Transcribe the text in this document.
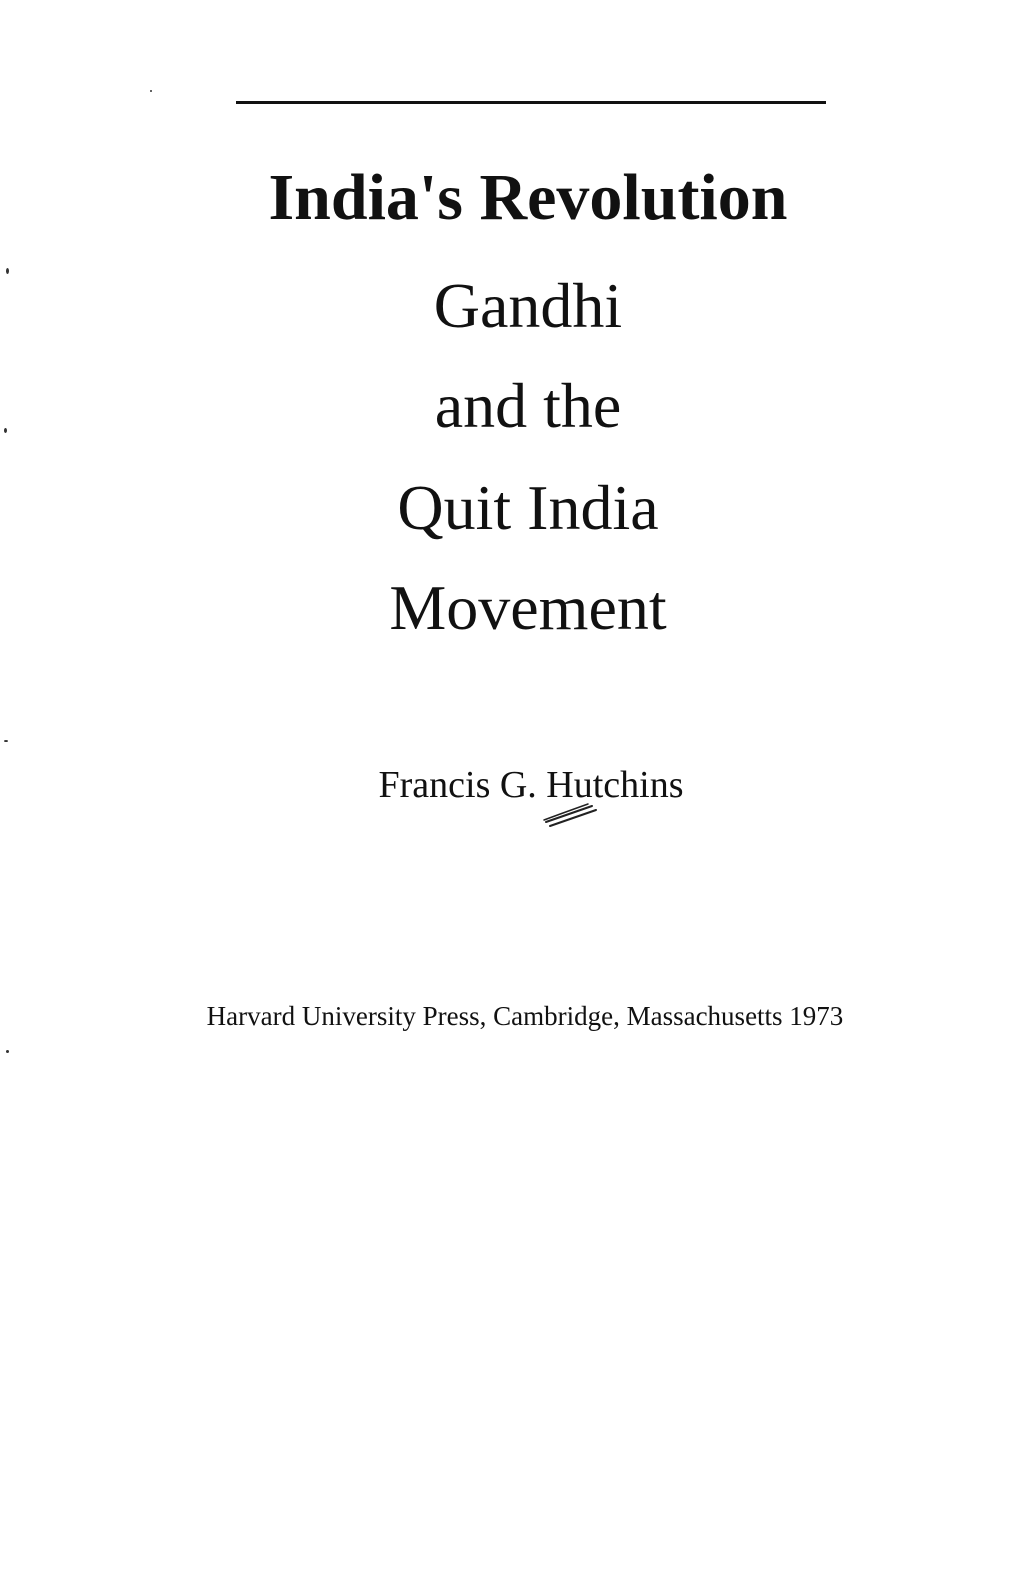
India's Revolution
Gandhi
and the
Quit India
Movement
Francis G. Hutchins
Harvard University Press, Cambridge, Massachusetts 1973
